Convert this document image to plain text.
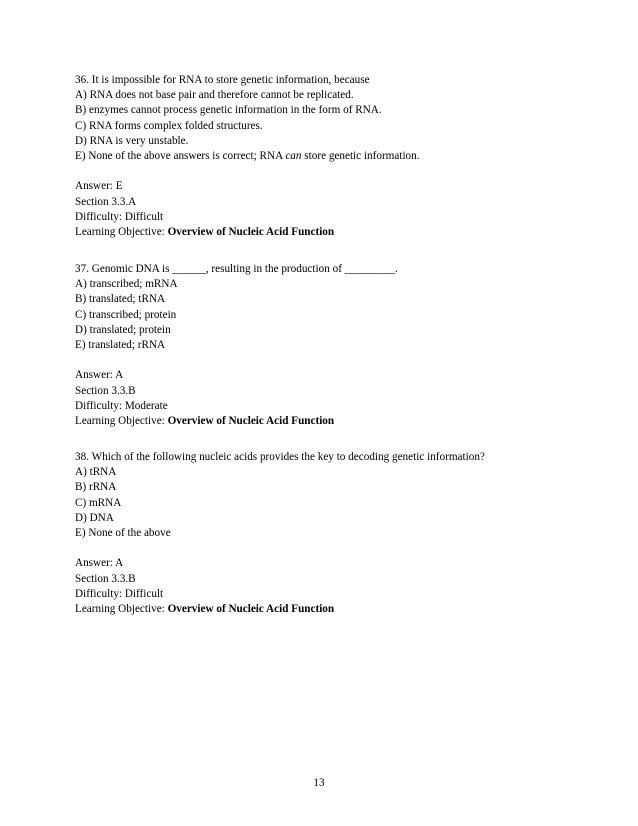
36. It is impossible for RNA to store genetic information, because
A) RNA does not base pair and therefore cannot be replicated.
B) enzymes cannot process genetic information in the form of RNA.
C) RNA forms complex folded structures.
D) RNA is very unstable.
E) None of the above answers is correct; RNA can store genetic information.
Answer: E
Section 3.3.A
Difficulty: Difficult
Learning Objective: Overview of Nucleic Acid Function
37. Genomic DNA is ______, resulting in the production of _________.
A) transcribed; mRNA
B) translated; tRNA
C) transcribed; protein
D) translated; protein
E) translated; rRNA
Answer: A
Section 3.3.B
Difficulty: Moderate
Learning Objective: Overview of Nucleic Acid Function
38. Which of the following nucleic acids provides the key to decoding genetic information?
A) tRNA
B) rRNA
C) mRNA
D) DNA
E) None of the above
Answer: A
Section 3.3.B
Difficulty: Difficult
Learning Objective: Overview of Nucleic Acid Function
13
